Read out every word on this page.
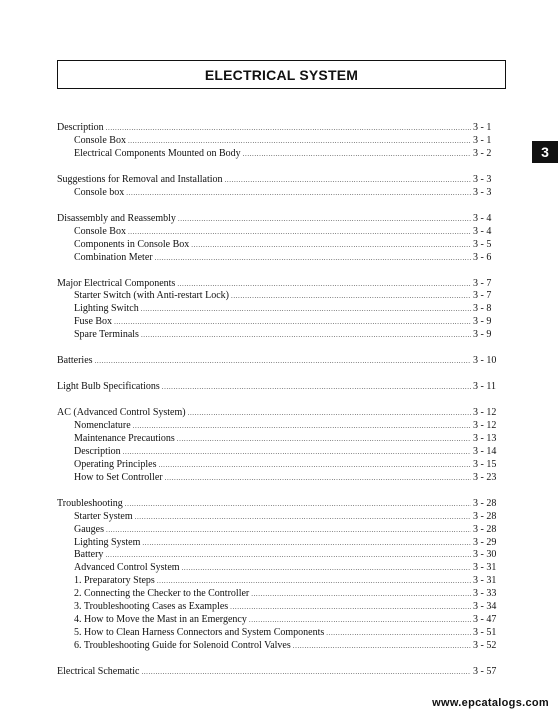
ELECTRICAL SYSTEM
3
Description .....	3 - 1
Console Box .....	3 - 1
Electrical Components Mounted on Body .....	3 - 2
Suggestions for Removal and Installation .....	3 - 3
Console box .....	3 - 3
Disassembly and Reassembly .....	3 - 4
Console Box .....	3 - 4
Components in Console Box .....	3 - 5
Combination Meter .....	3 - 6
Major Electrical Components .....	3 - 7
Starter Switch (with Anti-restart Lock) .....	3 - 7
Lighting Switch .....	3 - 8
Fuse Box .....	3 - 9
Spare Terminals .....	3 - 9
Batteries .....	3 - 10
Light Bulb Specifications .....	3 - 11
AC (Advanced Control System) .....	3 - 12
Nomenclature .....	3 - 12
Maintenance Precautions .....	3 - 13
Description .....	3 - 14
Operating Principles .....	3 - 15
How to Set Controller .....	3 - 23
Troubleshooting .....	3 - 28
Starter System .....	3 - 28
Gauges .....	3 - 28
Lighting System .....	3 - 29
Battery .....	3 - 30
Advanced Control System .....	3 - 31
1. Preparatory Steps .....	3 - 31
2. Connecting the Checker to the Controller .....	3 - 33
3. Troubleshooting Cases as Examples .....	3 - 34
4. How to Move the Mast in an Emergency .....	3 - 47
5. How to Clean Harness Connectors and System Components .....	3 - 51
6. Troubleshooting Guide for Solenoid Control Valves .....	3 - 52
Electrical Schematic .....	3 - 57
www.epcatalogs.com
